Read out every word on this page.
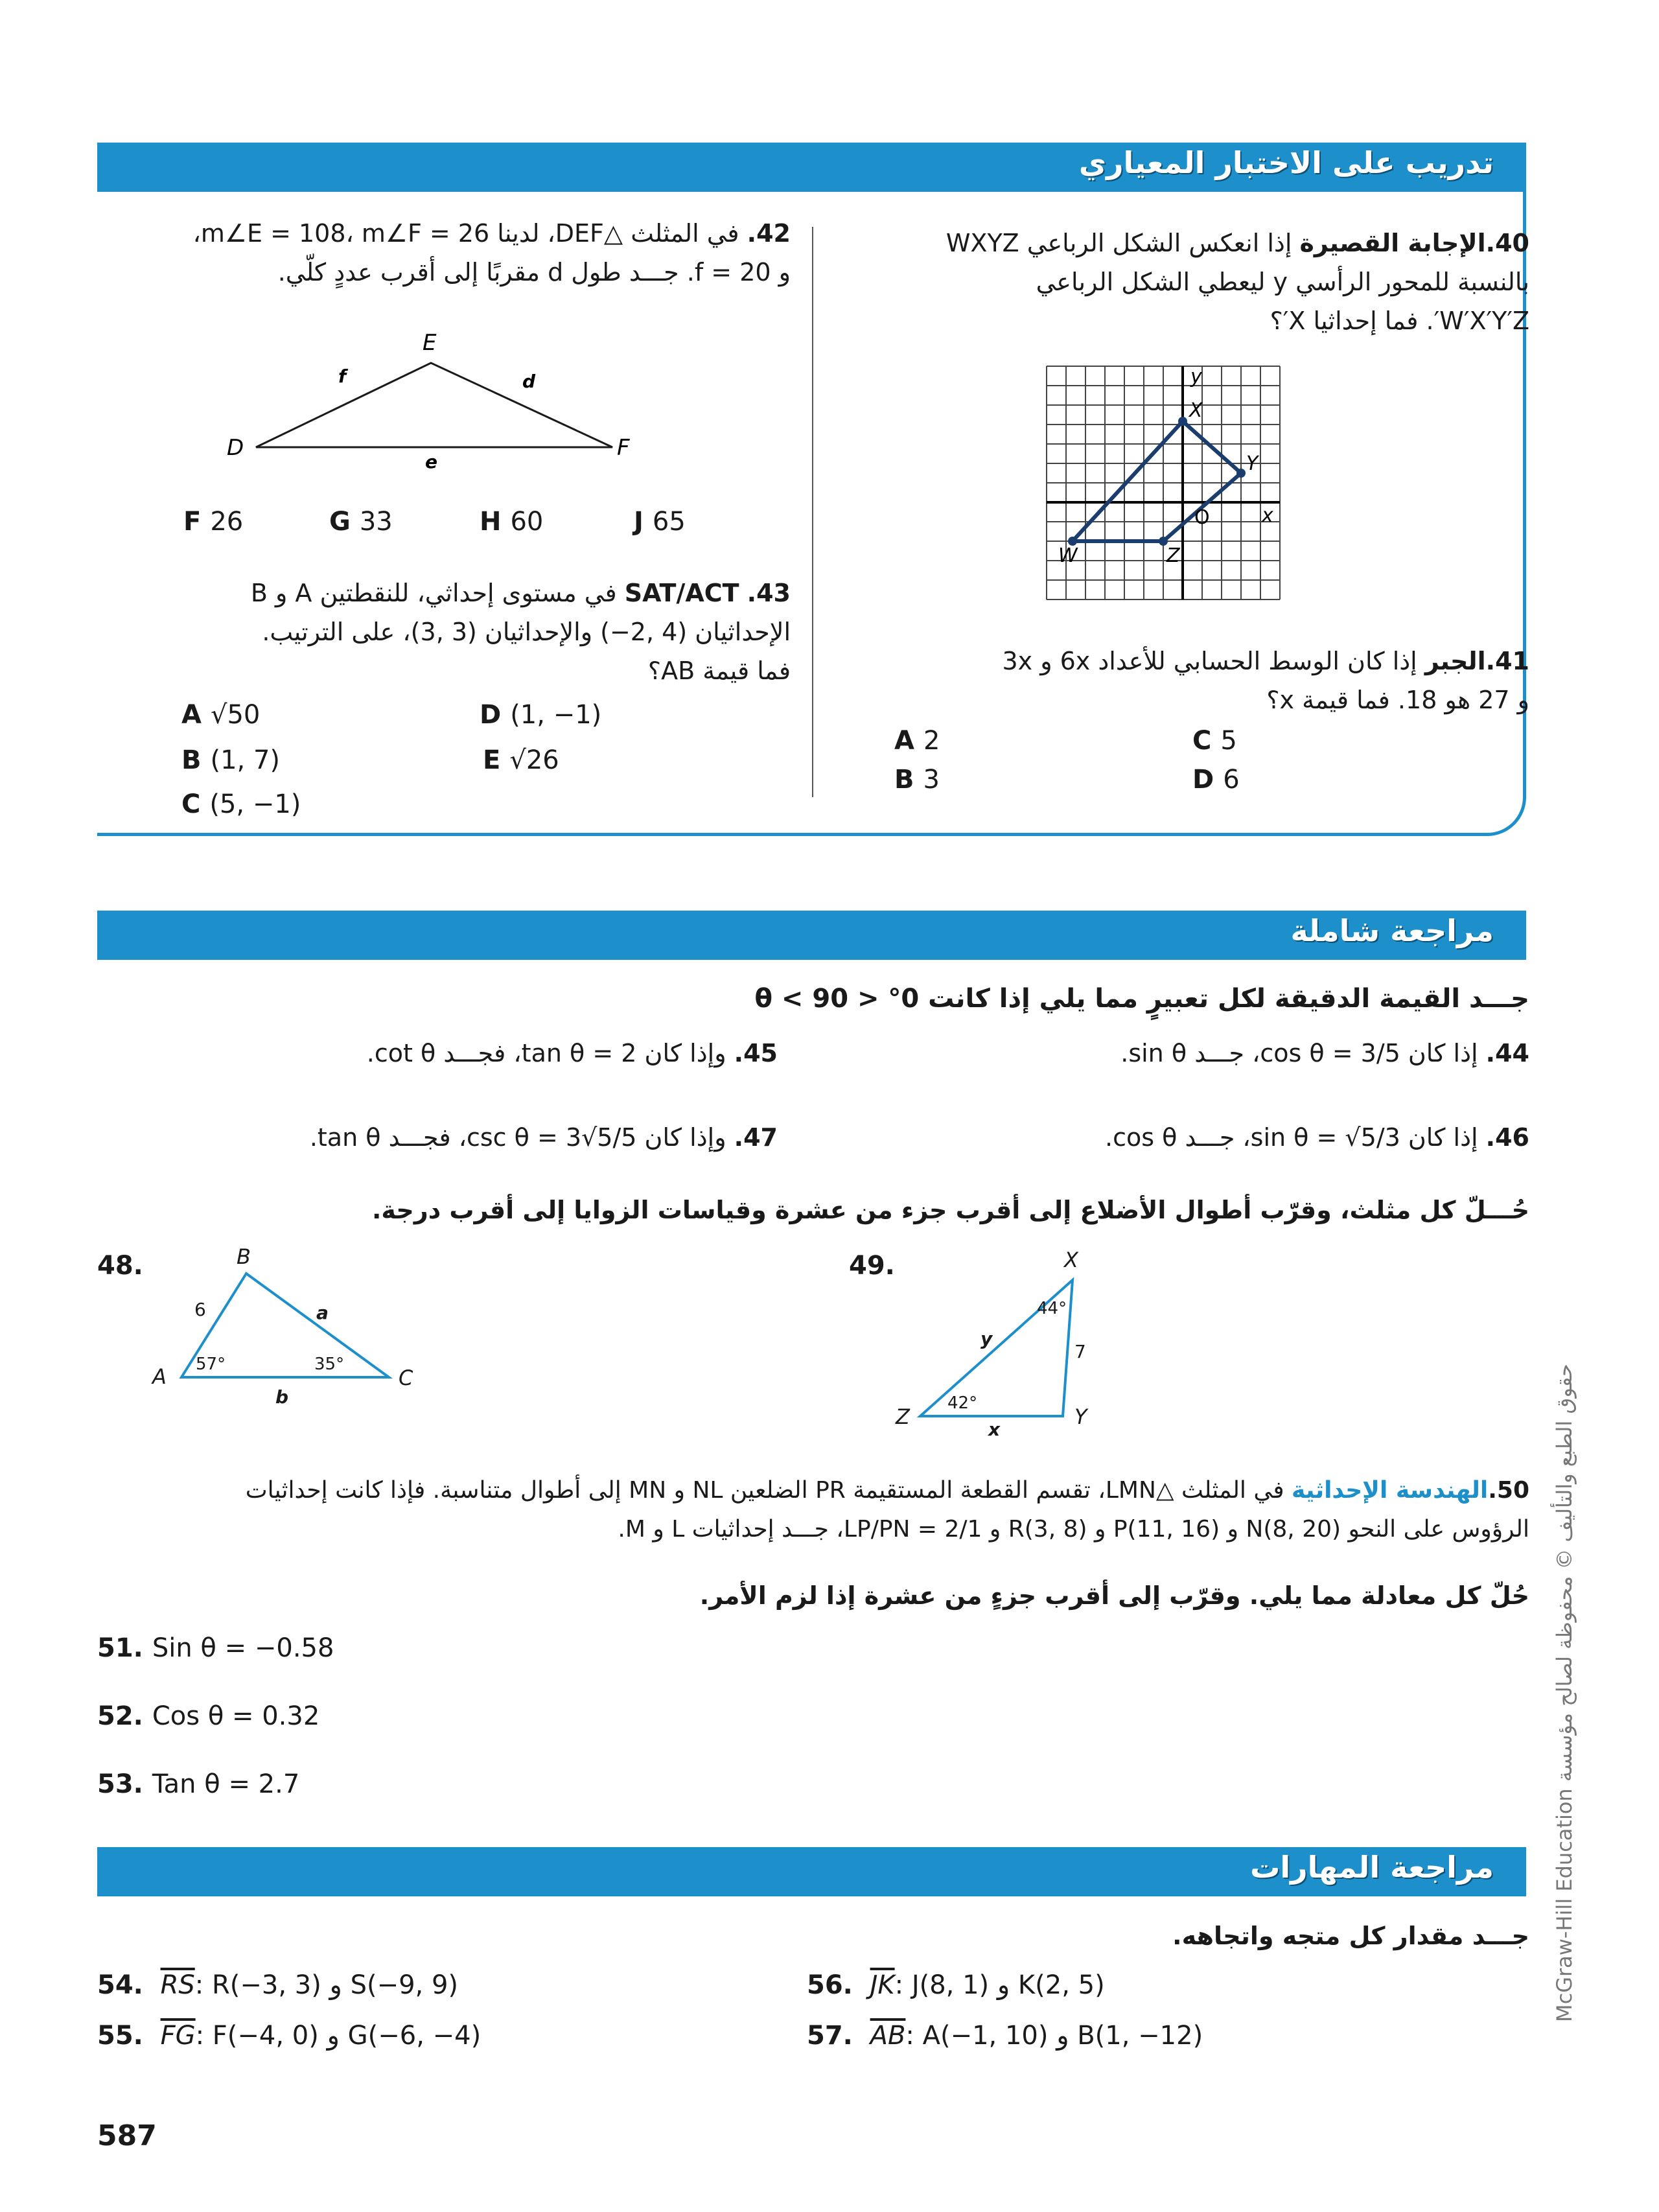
تدريب على الاختبار المعياري
40.الإجابة القصيرة إذا انعكس الشكل الرباعي WXYZ
بالنسبة للمحور الرأسي y ليعطي الشكل الرباعي
W′X′Y′Z′. فما إحداثيا X′؟
y
x
X
Y
W	Z
O
41.الجبر إذا كان الوسط الحسابي للأعداد 6x و 3x
و 27 هو 18. فما قيمة x؟
A 2
B 3
C 5
D 6
42. في المثلث △DEF، لدينا m∠E = 108، m∠F = 26،
و f = 20. جـــد طول d مقربًا إلى أقرب عددٍ كلّي.
D
E
F
f	d
e
F 26	G 33	H 60	J 65
43. SAT/ACT في مستوى إحداثي، للنقطتين A و B
الإحداثيان (4 ,2−) والإحداثيان (3 ,3)، على الترتيب.
فما قيمة AB؟
A √50
B (1, 7)
C (5, −1)
D (1, −1)
E √26
مراجعة شاملة
جـــد القيمة الدقيقة لكل تعبيرٍ مما يلي إذا كانت 0° < θ < 90
44. إذا كان cos θ = 3/5، جـــد sin θ.
45. وإذا كان tan θ = 2، فجـــد cot θ.
46. إذا كان sin θ = √5/3، جـــد cos θ.
47. وإذا كان csc θ = 3√5/5، فجـــد tan θ.
حُـــلّ كل مثلث، وقرّب أطوال الأضلاع إلى أقرب جزء من عشرة وقياسات الزوايا إلى أقرب درجة.
48.
A
B
C
a
b
6
57°	35°
49.
Z
X
Y
y
x
7
44°
42°
50.الهندسة الإحداثية في المثلث △LMN، تقسم القطعة المستقيمة PR الضلعين NL و MN إلى أطوال متناسبة. فإذا كانت إحداثيات
الرؤوس على النحو N(8, 20) و P(11, 16) و R(3, 8) و LP/PN = 2/1، جـــد إحداثيات L و M.
حُلّ كل معادلة مما يلي. وقرّب إلى أقرب جزءٍ من عشرة إذا لزم الأمر.
51. Sin θ = −0.58
52. Cos θ = 0.32
53. Tan θ = 2.7
مراجعة المهارات
جـــد مقدار كل متجه واتجاهه.
54. $\overline{RS}$: R(−3, 3) و S(−9, 9)
55. $\overline{FG}$: F(−4, 0) و G(−6, −4)
56. $\overline{JK}$: J(8, 1) و K(2, 5)
57. $\overline{AB}$: A(−1, 10) و B(1, −12)
587
McGraw-Hill Education حقوق الطبع والتأليف © محفوظة لصالح مؤسسة
